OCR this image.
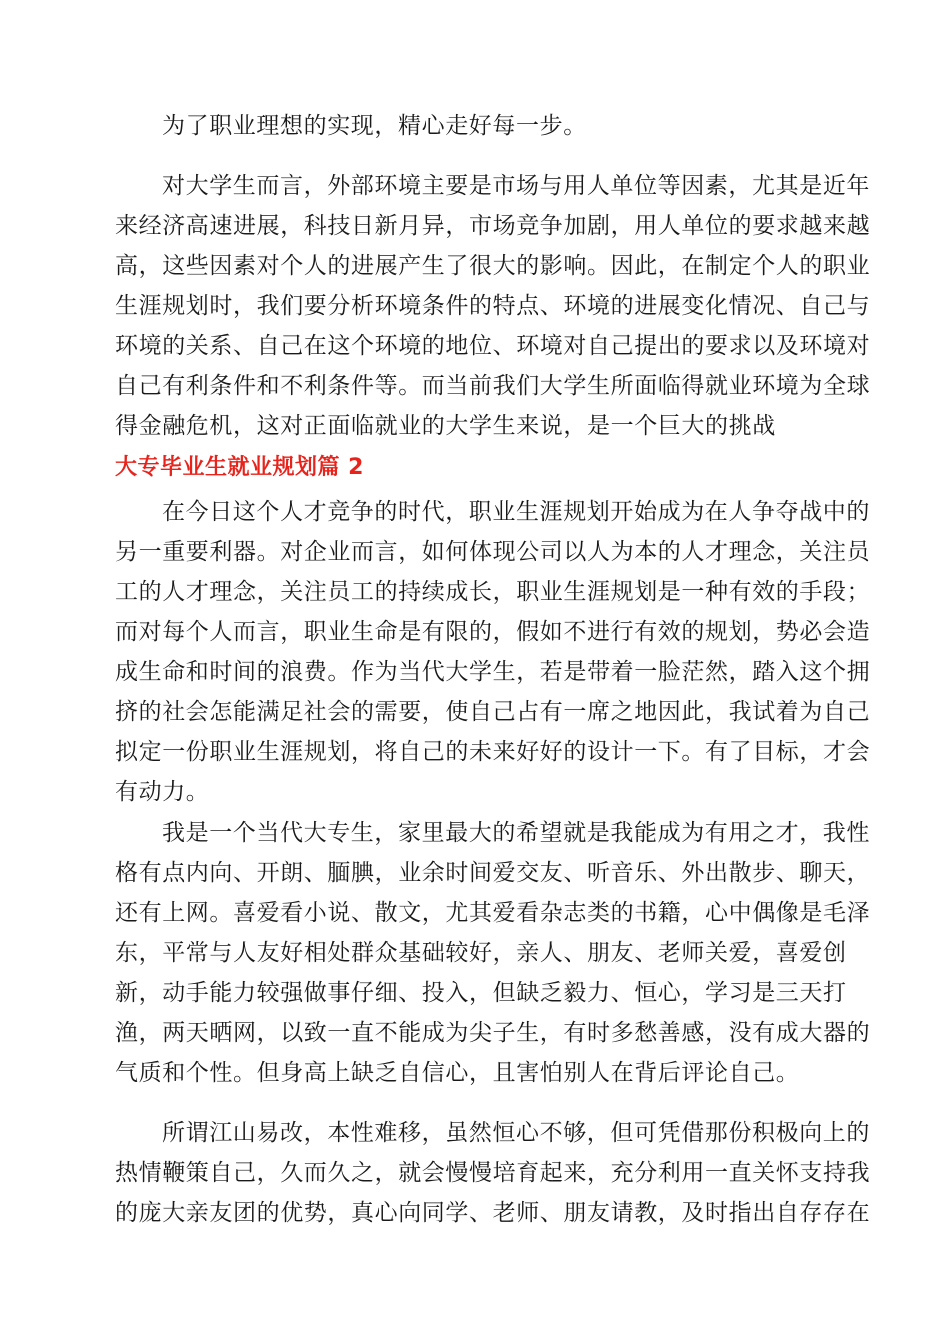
为了职业理想的实现，精心走好每一步。
对大学生而言，外部环境主要是市场与用人单位等因素，尤其是近年
来经济高速进展，科技日新月异，市场竞争加剧，用人单位的要求越来越
高，这些因素对个人的进展产生了很大的影响。因此，在制定个人的职业
生涯规划时，我们要分析环境条件的特点、环境的进展变化情况、自己与
环境的关系、自己在这个环境的地位、环境对自己提出的要求以及环境对
自己有利条件和不利条件等。而当前我们大学生所面临得就业环境为全球
得金融危机，这对正面临就业的大学生来说，是一个巨大的挑战
大专毕业生就业规划篇 2
在今日这个人才竞争的时代，职业生涯规划开始成为在人争夺战中的
另一重要利器。对企业而言，如何体现公司以人为本的人才理念，关注员
工的人才理念，关注员工的持续成长，职业生涯规划是一种有效的手段；
而对每个人而言，职业生命是有限的，假如不进行有效的规划，势必会造
成生命和时间的浪费。作为当代大学生，若是带着一脸茫然，踏入这个拥
挤的社会怎能满足社会的需要，使自己占有一席之地因此，我试着为自己
拟定一份职业生涯规划，将自己的未来好好的设计一下。有了目标，才会
有动力。
我是一个当代大专生，家里最大的希望就是我能成为有用之才，我性
格有点内向、开朗、腼腆，业余时间爱交友、听音乐、外出散步、聊天，
还有上网。喜爱看小说、散文，尤其爱看杂志类的书籍，心中偶像是毛泽
东，平常与人友好相处群众基础较好，亲人、朋友、老师关爱，喜爱创
新，动手能力较强做事仔细、投入，但缺乏毅力、恒心，学习是三天打
渔，两天晒网，以致一直不能成为尖子生，有时多愁善感，没有成大器的
气质和个性。但身高上缺乏自信心，且害怕别人在背后评论自己。
所谓江山易改，本性难移，虽然恒心不够，但可凭借那份积极向上的
热情鞭策自己，久而久之，就会慢慢培育起来，充分利用一直关怀支持我
的庞大亲友团的优势，真心向同学、老师、朋友请教，及时指出自存存在
